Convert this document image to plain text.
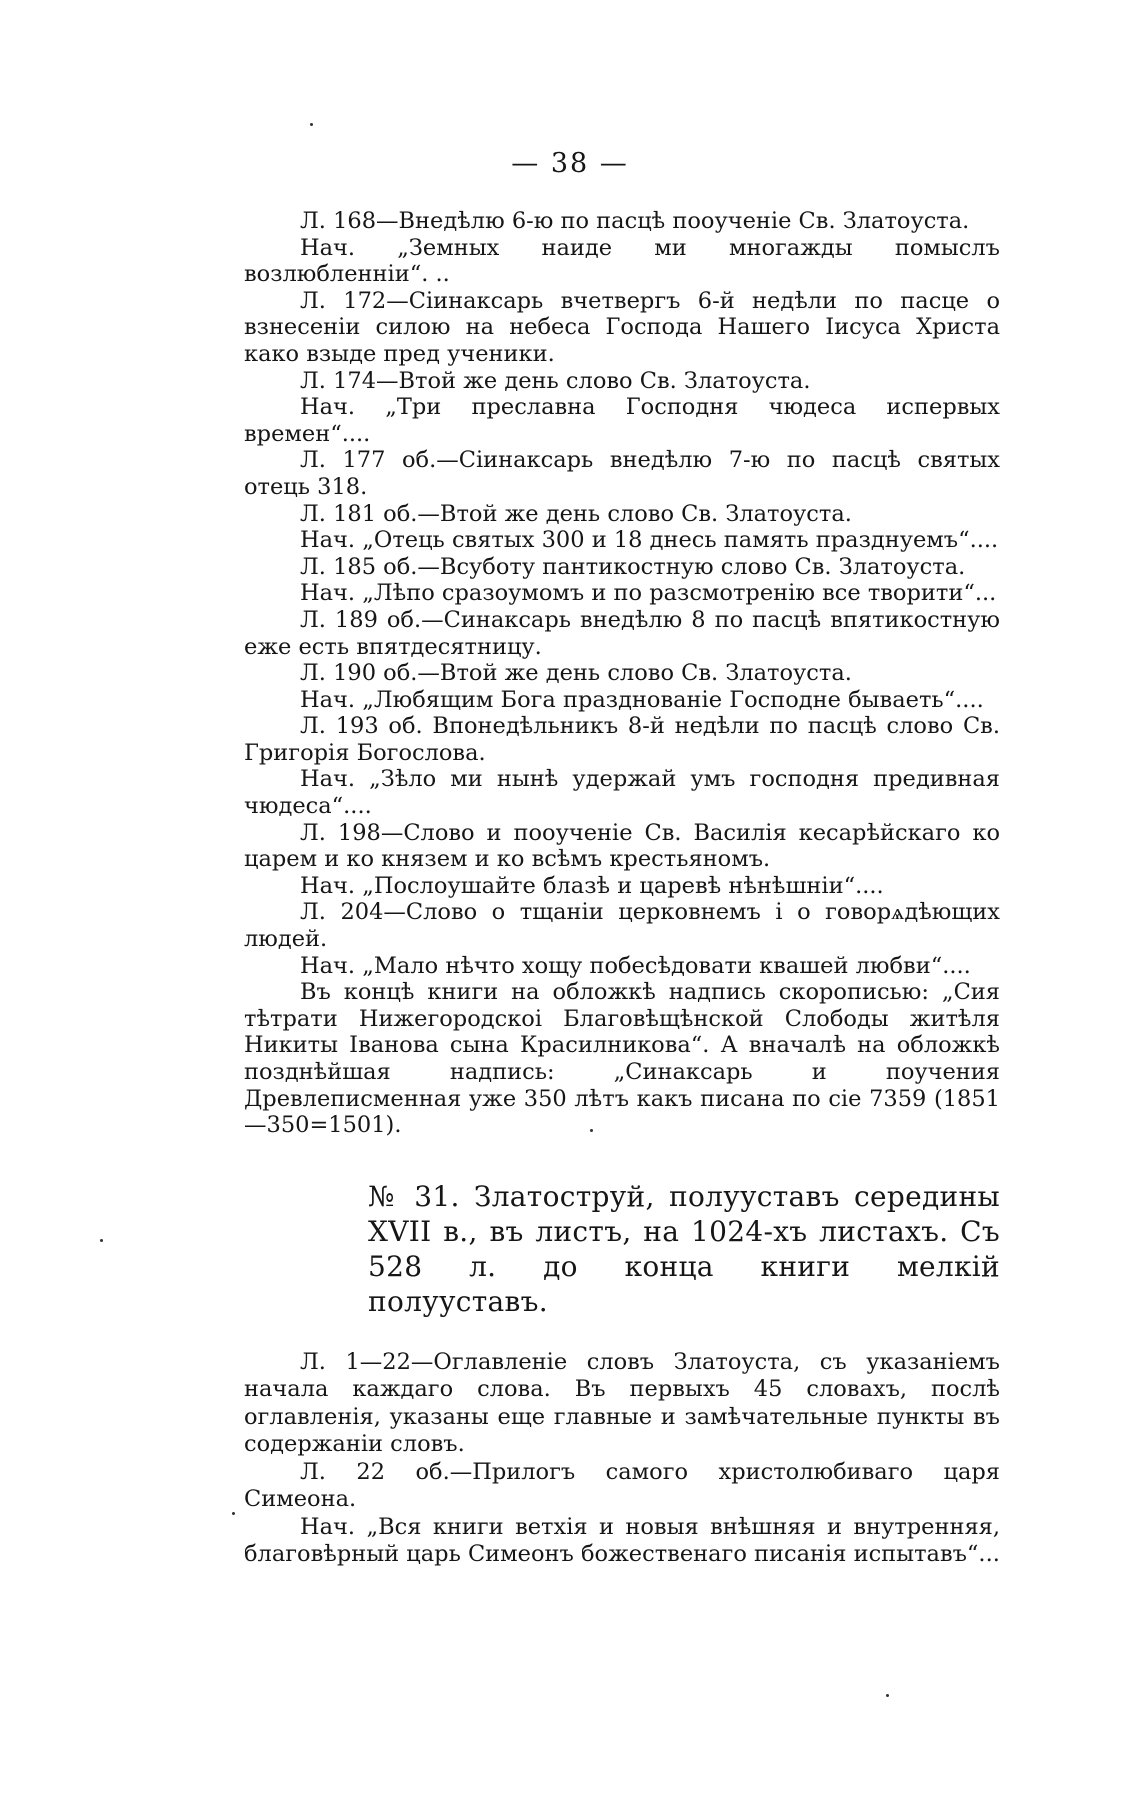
— 38 —

Л. 168—Внедѣлю 6-ю по пасцѣ пооученіе Св. Златоуста.

Нач. „Земных наиде ми многажды помыслъ возлюбленніи“. ..

Л. 172—Сіинаксарь вчетвергъ 6-й недѣли по пасце о взнесеніи силою на небеса Господа Нашего Іисуса Христа како взыде пред ученики.

Л. 174—Втой же день слово Св. Златоуста.

Нач. „Три преславна Господня чюдеса испервых времен“....

Л. 177 об.—Сіинаксарь внедѣлю 7-ю по пасцѣ святых отець 318.

Л. 181 об.—Втой же день слово Св. Златоуста.

Нач. „Отець святых 300 и 18 днесь память празднуемъ“....

Л. 185 об.—Всуботу пантикостную слово Св. Златоуста.

Нач. „Лѣпо сразоумомъ и по разсмотренію все творити“...

Л. 189 об.—Синаксарь внедѣлю 8 по пасцѣ впятикостную еже есть впятдесятницу.

Л. 190 об.—Втой же день слово Св. Златоуста.

Нач. „Любящим Бога празднованіе Господне бываеть“....

Л. 193 об. Впонедѣльникъ 8-й недѣли по пасцѣ слово Св. Григорія Богослова.

Нач. „Зѣло ми нынѣ удержай умъ господня предивная чюдеса“....

Л. 198—Слово и пооученіе Св. Василія кесарѣйскаго ко царем и ко князем и ко всѣмъ крестьяномъ.

Нач. „Послоушайте блазѣ и царевѣ нѣнѣшніи“....

Л. 204—Слово о тщаніи церковнемъ і о говорѧдѣющих людей.

Нач. „Мало нѣчто хощу побесѣдовати квашей любви“....

Въ концѣ книги на обложкѣ надпись скорописью: „Сия тѣтрати Нижегородскоі Благовѣщѣнской Слободы житѣля Никиты Іванова сына Красилникова“. А вначалѣ на обложкѣ позднѣйшая надпись: „Синаксарь и поучения Древлеписменная уже 350 лѣтъ какъ писана по сіе 7359 (1851—350=1501).

№ 31. Златоструй, полууставъ середины XVII в., въ листъ, на 1024-хъ листахъ. Съ 528 л. до конца книги мелкій полууставъ.

Л. 1—22—Оглавленіе словъ Златоуста, съ указаніемъ начала каждаго слова. Въ первыхъ 45 словахъ, послѣ оглавленія, указаны еще главные и замѣчательные пункты въ содержаніи словъ.

Л. 22 об.—Прилогъ самого христолюбиваго царя Симеона.

Нач. „Вся книги ветхія и новыя внѣшняя и внутренняя, благовѣрный царь Симеонъ божественаго писанія испытавъ“...
